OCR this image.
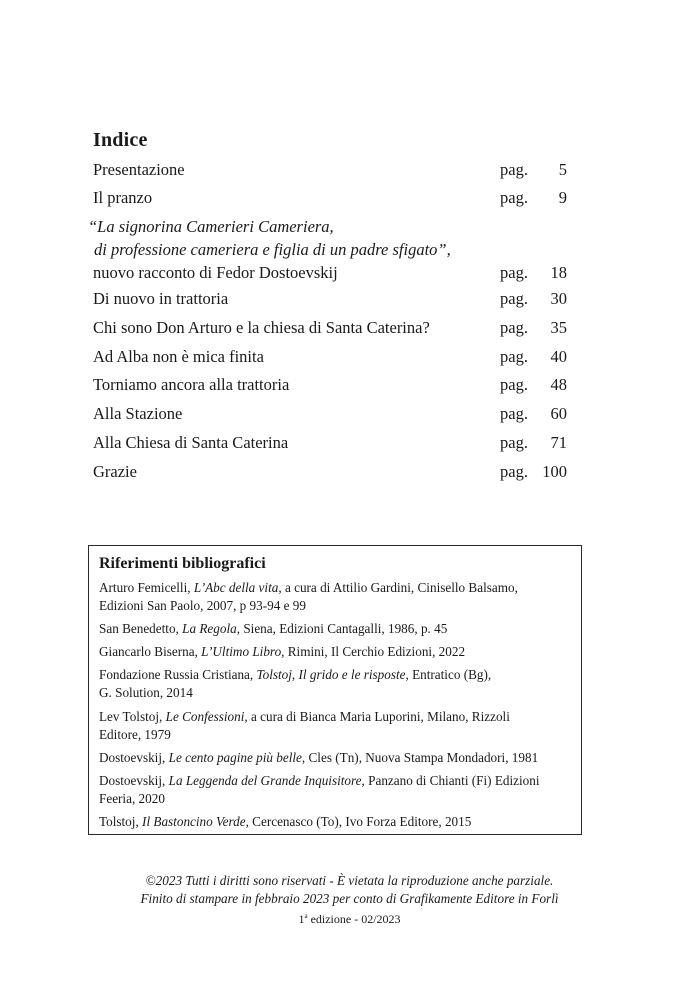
Indice
Presentazione	pag. 5
Il pranzo	pag. 9
“La signorina Camerieri Cameriera,
di professione cameriera e figlia di un padre sfigato”,
nuovo racconto di Fedor Dostoevskij	pag. 18
Di nuovo in trattoria	pag. 30
Chi sono Don Arturo e la chiesa di Santa Caterina?	pag. 35
Ad Alba non è mica finita	pag. 40
Torniamo ancora alla trattoria	pag. 48
Alla Stazione	pag. 60
Alla Chiesa di Santa Caterina	pag. 71
Grazie	pag. 100
Riferimenti bibliografici
Arturo Femicelli, L’Abc della vita, a cura di Attilio Gardini, Cinisello Balsamo,
Edizioni San Paolo, 2007, p 93-94 e 99
San Benedetto, La Regola, Siena, Edizioni Cantagalli, 1986, p. 45
Giancarlo Biserna, L’Ultimo Libro, Rimini, Il Cerchio Edizioni, 2022
Fondazione Russia Cristiana, Tolstoj, Il grido e le risposte, Entratico (Bg),
G. Solution, 2014
Lev Tolstoj, Le Confessioni, a cura di Bianca Maria Luporini, Milano, Rizzoli
Editore, 1979
Dostoevskij, Le cento pagine più belle, Cles (Tn), Nuova Stampa Mondadori, 1981
Dostoevskij, La Leggenda del Grande Inquisitore, Panzano di Chianti (Fi) Edizioni
Feeria, 2020
Tolstoj, Il Bastoncino Verde, Cercenasco (To), Ivo Forza Editore, 2015
©2023 Tutti i diritti sono riservati - È vietata la riproduzione anche parziale.
Finito di stampare in febbraio 2023 per conto di Grafikamente Editore in Forlì
1$^a$ edizione - 02/2023
